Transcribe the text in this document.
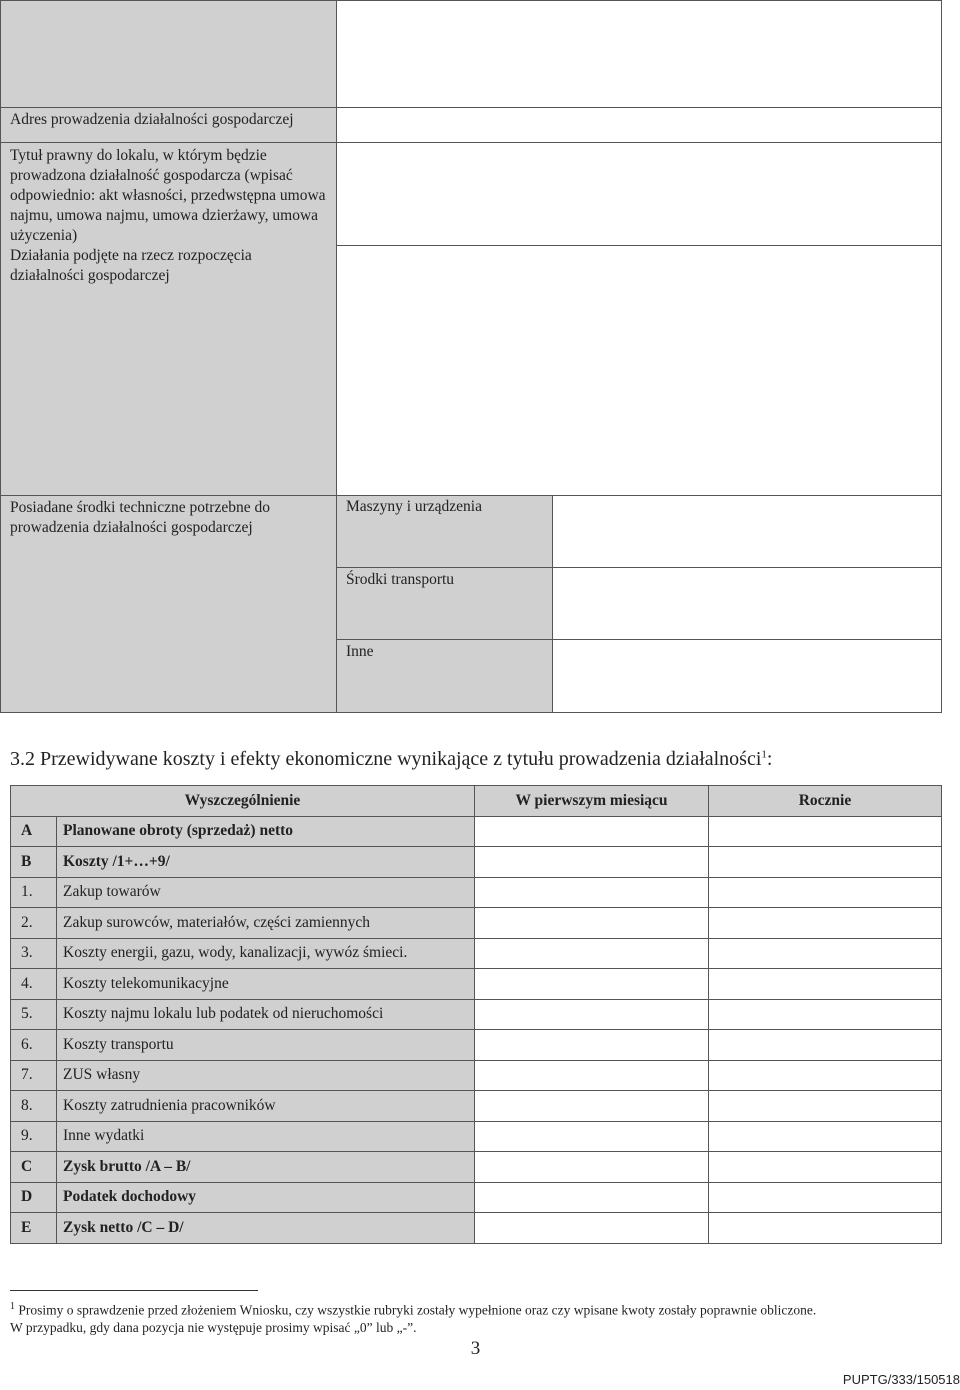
Adres prowadzenia działalności gospodarczej
Tytuł prawny do lokalu, w którym będzie prowadzona działalność gospodarcza (wpisać odpowiednio: akt własności, przedwstępna umowa najmu, umowa najmu, umowa dzierżawy, umowa użyczenia)
Działania podjęte na rzecz rozpoczęcia działalności gospodarczej
Posiadane środki techniczne potrzebne do prowadzenia działalności gospodarczej
Maszyny i urządzenia
Środki transportu
Inne
3.2 Przewidywane koszty i efekty ekonomiczne wynikające z tytułu prowadzenia działalności$^1$:
Wyszczególnienie		W pierwszym miesiącu	Rocznie
A	Planowane obroty (sprzedaż) netto		
B	Koszty /1+…+9/		
1.	Zakup towarów		
2.	Zakup surowców, materiałów, części zamiennych		
3.	Koszty energii, gazu, wody, kanalizacji, wywóz śmieci.		
4.	Koszty telekomunikacyjne		
5.	Koszty najmu lokalu lub podatek od nieruchomości		
6.	Koszty transportu		
7.	ZUS własny		
8.	Koszty zatrudnienia pracowników		
9.	Inne wydatki		
C	Zysk brutto /A – B/		
D	Podatek dochodowy		
E	Zysk netto /C – D/		
$^1$ Prosimy o sprawdzenie przed złożeniem Wniosku, czy wszystkie rubryki zostały wypełnione oraz czy wpisane kwoty zostały poprawnie obliczone.
W przypadku, gdy dana pozycja nie występuje prosimy wpisać „0” lub „-”.
3
PUPTG/333/150518
